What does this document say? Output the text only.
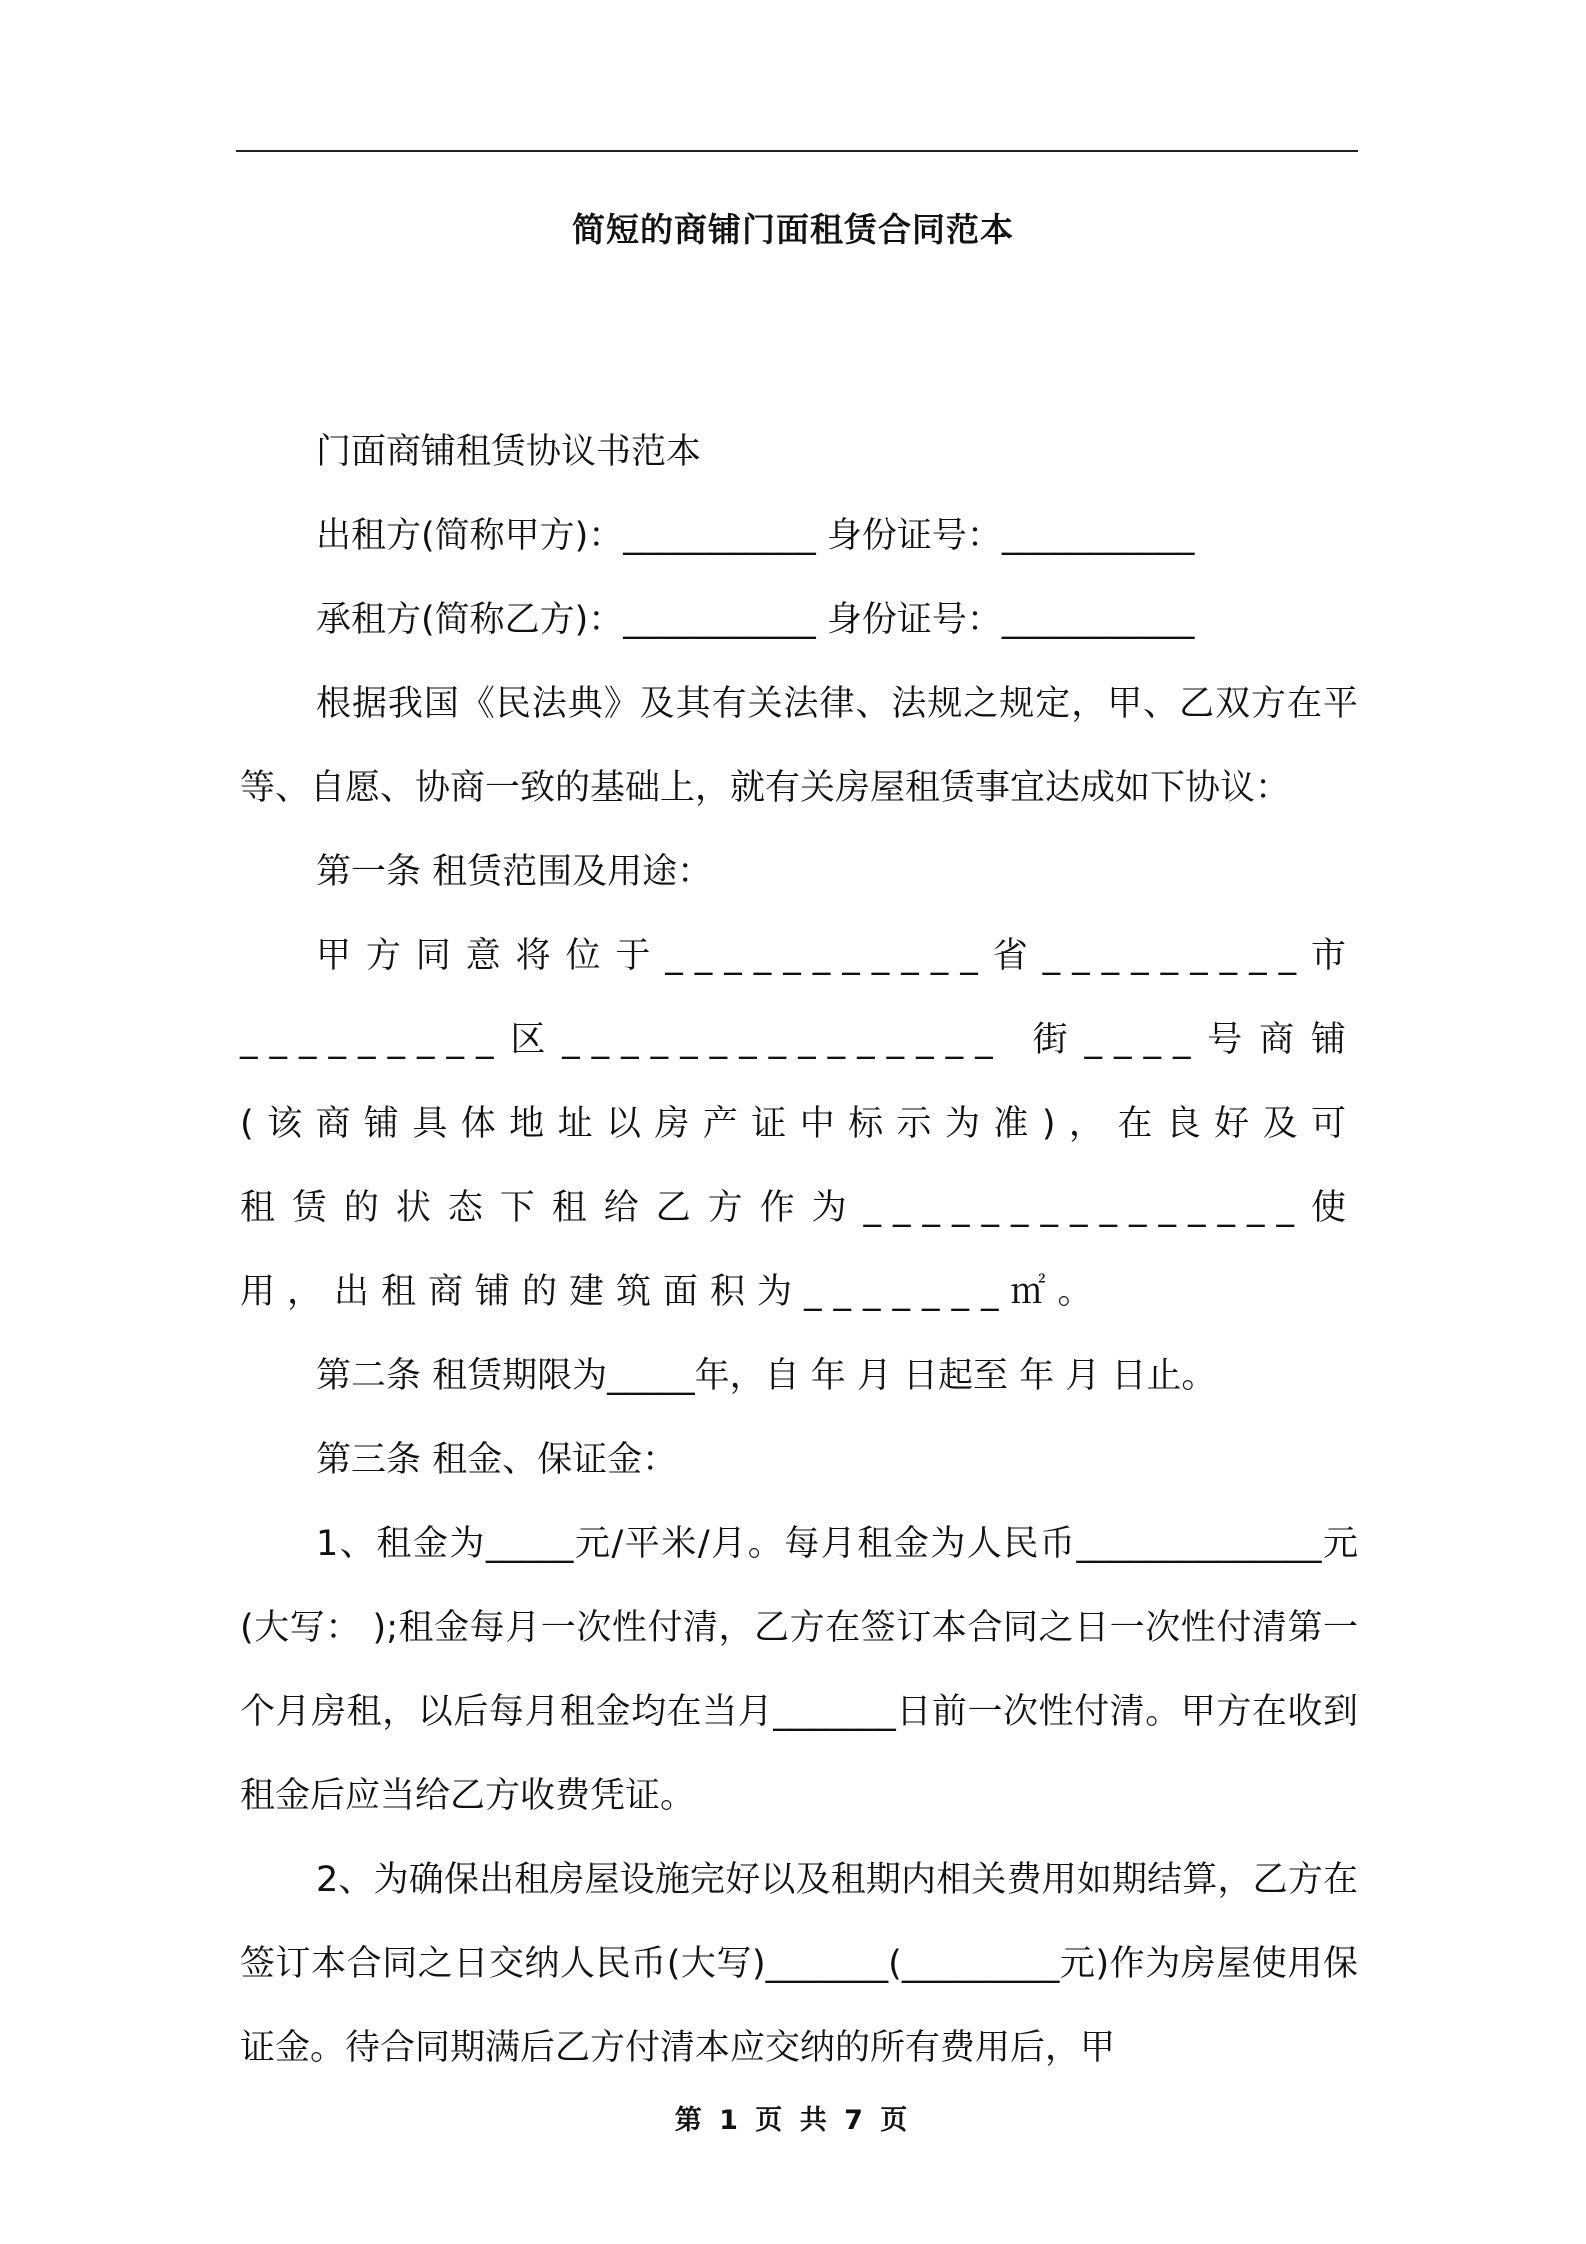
简短的商铺门面租赁合同范本

门面商铺租赁协议书范本

出租方(简称甲方)：___________ 身份证号：___________

承租方(简称乙方)：___________ 身份证号：___________

根据我国《民法典》及其有关法律、法规之规定，甲、乙双方在平等、自愿、协商一致的基础上，就有关房屋租赁事宜达成如下协议：

第一条 租赁范围及用途：

甲方同意将位于___________省_________市_________区_______________ 街____号商铺(该商铺具体地址以房产证中标示为准)，在良好及可租赁的状态下租给乙方作为_______________使用，出租商铺的建筑面积为_______㎡。

第二条 租赁期限为_____年，自 年 月 日起至 年 月 日止。

第三条 租金、保证金：

1、租金为_____元/平米/月。每月租金为人民币______________元(大写： );租金每月一次性付清，乙方在签订本合同之日一次性付清第一个月房租，以后每月租金均在当月_______日前一次性付清。甲方在收到租金后应当给乙方收费凭证。

2、为确保出租房屋设施完好以及租期内相关费用如期结算，乙方在签订本合同之日交纳人民币(大写)_______(_________元)作为房屋使用保证金。待合同期满后乙方付清本应交纳的所有费用后，甲

第 1 页 共 7 页
